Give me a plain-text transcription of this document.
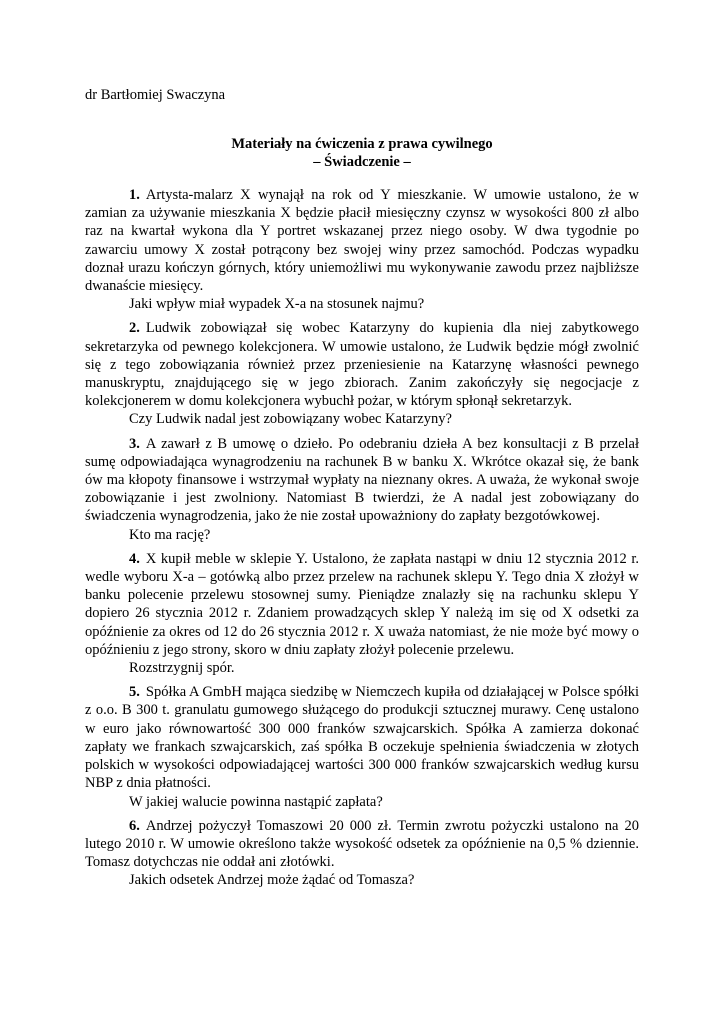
dr Bartłomiej Swaczyna
Materiały na ćwiczenia z prawa cywilnego
– Świadczenie –

1. Artysta-malarz X wynajął na rok od Y mieszkanie. W umowie ustalono, że w zamian za używanie mieszkania X będzie płacił miesięczny czynsz w wysokości 800 zł albo raz na kwartał wykona dla Y portret wskazanej przez niego osoby. W dwa tygodnie po zawarciu umowy X został potrącony bez swojej winy przez samochód. Podczas wypadku doznał urazu kończyn górnych, który uniemożliwi mu wykonywanie zawodu przez najbliższe dwanaście miesięcy.

Jaki wpływ miał wypadek X-a na stosunek najmu?

2. Ludwik zobowiązał się wobec Katarzyny do kupienia dla niej zabytkowego sekretarzyka od pewnego kolekcjonera. W umowie ustalono, że Ludwik będzie mógł zwolnić się z tego zobowiązania również przez przeniesienie na Katarzynę własności pewnego manuskryptu, znajdującego się w jego zbiorach. Zanim zakończyły się negocjacje z kolekcjonerem w domu kolekcjonera wybuchł pożar, w którym spłonął sekretarzyk.

Czy Ludwik nadal jest zobowiązany wobec Katarzyny?

3. A zawarł z B umowę o dzieło. Po odebraniu dzieła A bez konsultacji z B przelał sumę odpowiadająca wynagrodzeniu na rachunek B w banku X. Wkrótce okazał się, że bank ów ma kłopoty finansowe i wstrzymał wypłaty na nieznany okres. A uważa, że wykonał swoje zobowiązanie i jest zwolniony. Natomiast B twierdzi, że A nadal jest zobowiązany do świadczenia wynagrodzenia, jako że nie został upoważniony do zapłaty bezgotówkowej.

Kto ma rację?

4. X kupił meble w sklepie Y. Ustalono, że zapłata nastąpi w dniu 12 stycznia 2012 r. wedle wyboru X-a – gotówką albo przez przelew na rachunek sklepu Y. Tego dnia X złożył w banku polecenie przelewu stosownej sumy. Pieniądze znalazły się na rachunku sklepu Y dopiero 26 stycznia 2012 r. Zdaniem prowadzących sklep Y należą im się od X odsetki za opóźnienie za okres od 12 do 26 stycznia 2012 r. X uważa natomiast, że nie może być mowy o opóźnieniu z jego strony, skoro w dniu zapłaty złożył polecenie przelewu.

Rozstrzygnij spór.

5. Spółka A GmbH mająca siedzibę w Niemczech kupiła od działającej w Polsce spółki z o.o. B 300 t. granulatu gumowego służącego do produkcji sztucznej murawy. Cenę ustalono w euro jako równowartość 300 000 franków szwajcarskich. Spółka A zamierza dokonać zapłaty we frankach szwajcarskich, zaś spółka B oczekuje spełnienia świadczenia w złotych polskich w wysokości odpowiadającej wartości 300 000 franków szwajcarskich według kursu NBP z dnia płatności.

W jakiej walucie powinna nastąpić zapłata?

6. Andrzej pożyczył Tomaszowi 20 000 zł. Termin zwrotu pożyczki ustalono na 20 lutego 2010 r. W umowie określono także wysokość odsetek za opóźnienie na 0,5 % dziennie. Tomasz dotychczas nie oddał ani złotówki.

Jakich odsetek Andrzej może żądać od Tomasza?
